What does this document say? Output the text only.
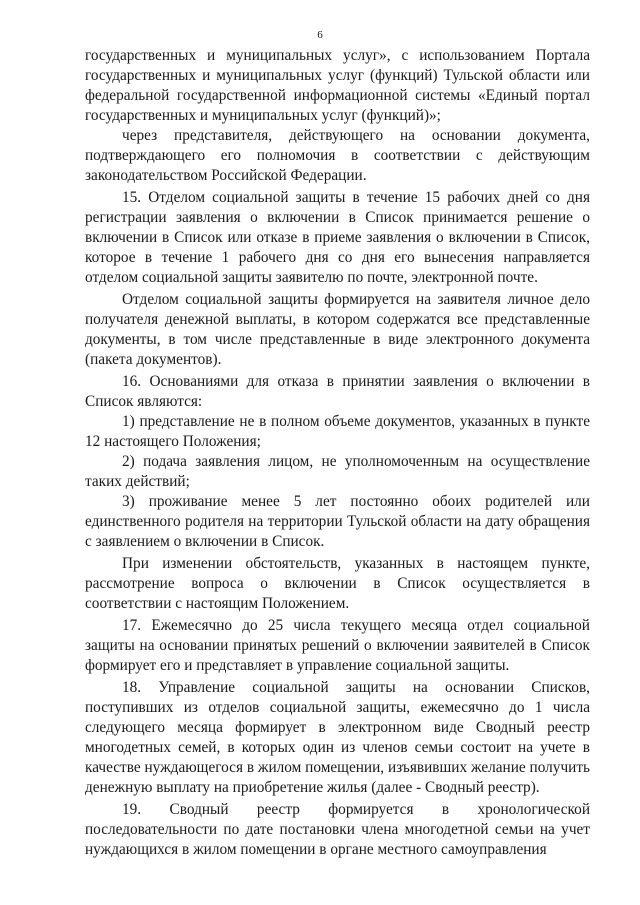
6

государственных и муниципальных услуг», с использованием Портала государственных и муниципальных услуг (функций) Тульской области или федеральной государственной информационной системы «Единый портал государственных и муниципальных услуг (функций)»;

через представителя, действующего на основании документа, подтверждающего его полномочия в соответствии с действующим законодательством Российской Федерации.

15. Отделом социальной защиты в течение 15 рабочих дней со дня регистрации заявления о включении в Список принимается решение о включении в Список или отказе в приеме заявления о включении в Список, которое в течение 1 рабочего дня со дня его вынесения направляется отделом социальной защиты заявителю по почте, электронной почте.

Отделом социальной защиты формируется на заявителя личное дело получателя денежной выплаты, в котором содержатся все представленные документы, в том числе представленные в виде электронного документа (пакета документов).

16. Основаниями для отказа в принятии заявления о включении в Список являются:

1) представление не в полном объеме документов, указанных в пункте 12 настоящего Положения;

2) подача заявления лицом, не уполномоченным на осуществление таких действий;

3) проживание менее 5 лет постоянно обоих родителей или единственного родителя на территории Тульской области на дату обращения с заявлением о включении в Список.

При изменении обстоятельств, указанных в настоящем пункте, рассмотрение вопроса о включении в Список осуществляется в соответствии с настоящим Положением.

17. Ежемесячно до 25 числа текущего месяца отдел социальной защиты на основании принятых решений о включении заявителей в Список формирует его и представляет в управление социальной защиты.

18. Управление социальной защиты на основании Списков, поступивших из отделов социальной защиты, ежемесячно до 1 числа следующего месяца формирует в электронном виде Сводный реестр многодетных семей, в которых один из членов семьи состоит на учете в качестве нуждающегося в жилом помещении, изъявивших желание получить денежную выплату на приобретение жилья (далее - Сводный реестр).

19. Сводный реестр формируется в хронологической последовательности по дате постановки члена многодетной семьи на учет нуждающихся в жилом помещении в органе местного самоуправления
